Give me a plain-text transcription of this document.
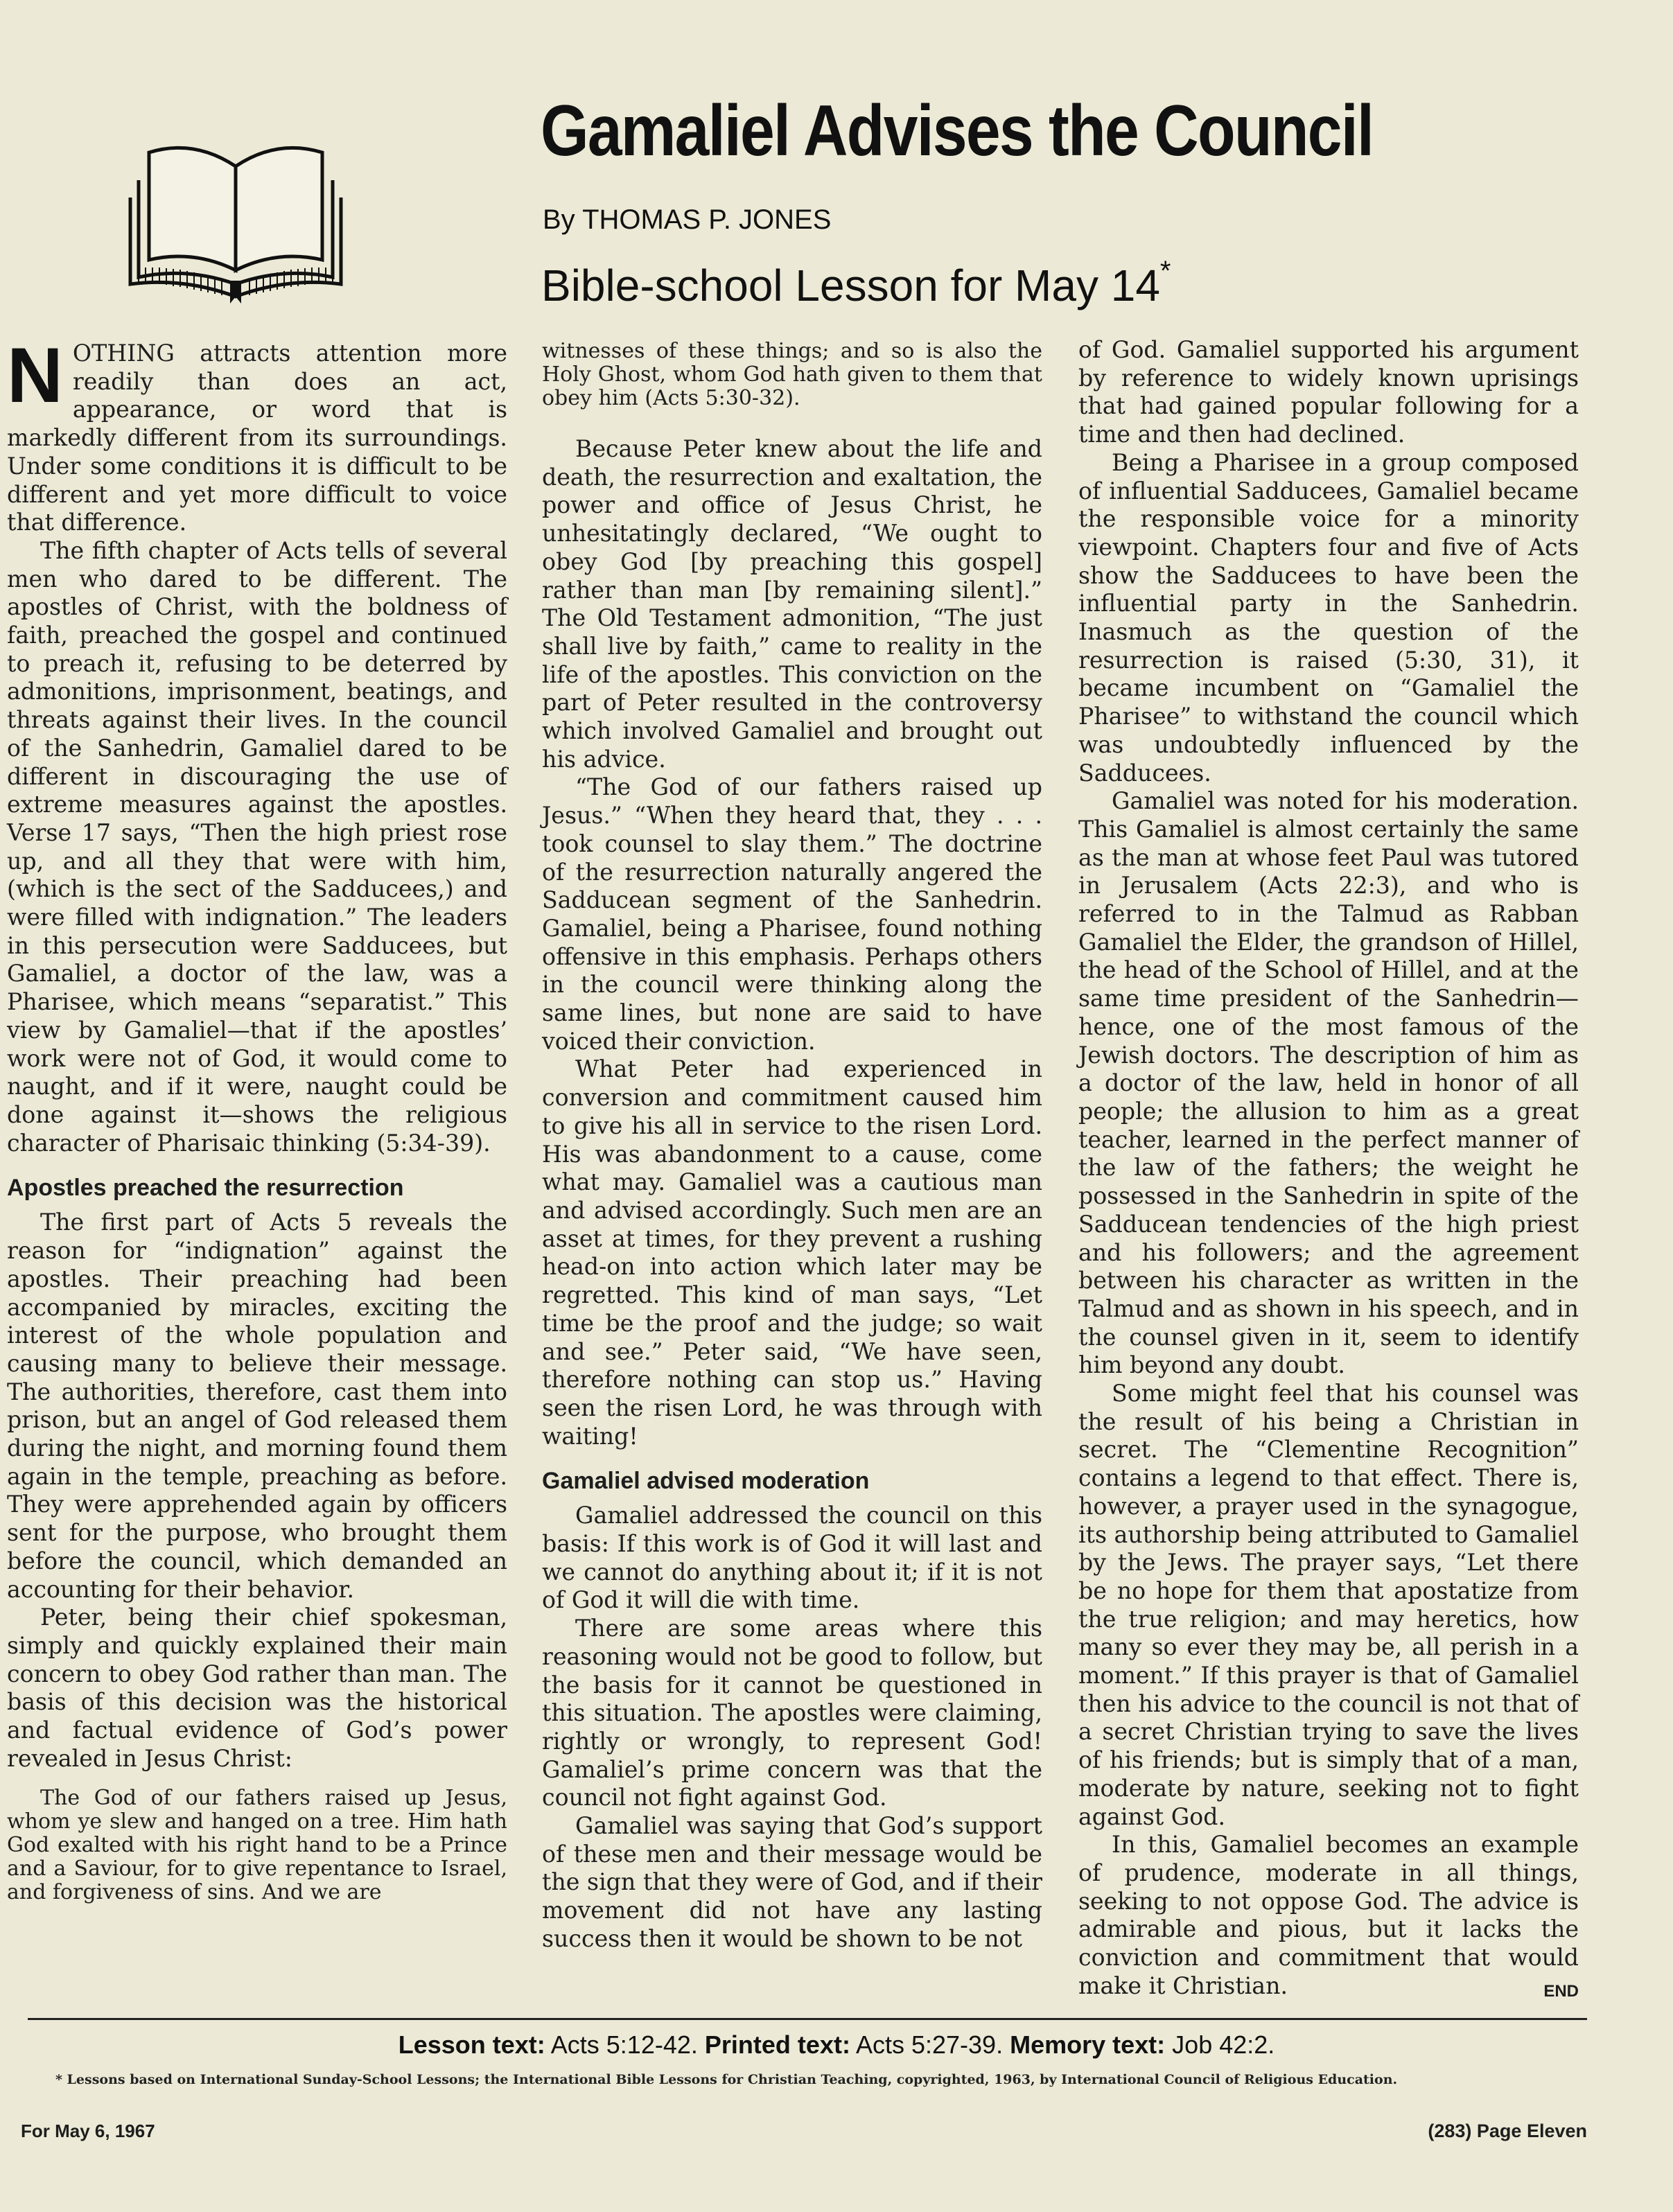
Gamaliel Advises the Council
By THOMAS P. JONES
Bible-school Lesson for May 14*

NOTHING attracts attention more readily than does an act, appearance, or word that is markedly different from its surroundings. Under some conditions it is difficult to be different and yet more difficult to voice that difference.

The fifth chapter of Acts tells of several men who dared to be different. The apostles of Christ, with the boldness of faith, preached the gospel and continued to preach it, refusing to be deterred by admonitions, imprisonment, beatings, and threats against their lives. In the council of the Sanhedrin, Gamaliel dared to be different in discouraging the use of extreme measures against the apostles. Verse 17 says, “Then the high priest rose up, and all they that were with him, (which is the sect of the Sadducees,) and were filled with indignation.” The leaders in this persecution were Sadducees, but Gamaliel, a doctor of the law, was a Pharisee, which means “separatist.” This view by Gamaliel—that if the apostles’ work were not of God, it would come to naught, and if it were, naught could be done against it—shows the religious character of Pharisaic thinking (5:34-39).

Apostles preached the resurrection

The first part of Acts 5 reveals the reason for “indignation” against the apostles. Their preaching had been accompanied by miracles, exciting the interest of the whole population and causing many to believe their message. The authorities, therefore, cast them into prison, but an angel of God released them during the night, and morning found them again in the temple, preaching as before. They were apprehended again by officers sent for the purpose, who brought them before the council, which demanded an accounting for their behavior.

Peter, being their chief spokesman, simply and quickly explained their main concern to obey God rather than man. The basis of this decision was the historical and factual evidence of God’s power revealed in Jesus Christ:

The God of our fathers raised up Jesus, whom ye slew and hanged on a tree. Him hath God exalted with his right hand to be a Prince and a Saviour, for to give repentance to Israel, and forgiveness of sins. And we are

witnesses of these things; and so is also the Holy Ghost, whom God hath given to them that obey him (Acts 5:30-32).

Because Peter knew about the life and death, the resurrection and exaltation, the power and office of Jesus Christ, he unhesitatingly declared, “We ought to obey God [by preaching this gospel] rather than man [by remaining silent].” The Old Testament admonition, “The just shall live by faith,” came to reality in the life of the apostles. This conviction on the part of Peter resulted in the controversy which involved Gamaliel and brought out his advice.

“The God of our fathers raised up Jesus.” “When they heard that, they . . . took counsel to slay them.” The doctrine of the resurrection naturally angered the Sadducean segment of the Sanhedrin. Gamaliel, being a Pharisee, found nothing offensive in this emphasis. Perhaps others in the council were thinking along the same lines, but none are said to have voiced their conviction.

What Peter had experienced in conversion and commitment caused him to give his all in service to the risen Lord. His was abandonment to a cause, come what may. Gamaliel was a cautious man and advised accordingly. Such men are an asset at times, for they prevent a rushing head-on into action which later may be regretted. This kind of man says, “Let time be the proof and the judge; so wait and see.” Peter said, “We have seen, therefore nothing can stop us.” Having seen the risen Lord, he was through with waiting!

Gamaliel advised moderation

Gamaliel addressed the council on this basis: If this work is of God it will last and we cannot do anything about it; if it is not of God it will die with time.

There are some areas where this reasoning would not be good to follow, but the basis for it cannot be questioned in this situation. The apostles were claiming, rightly or wrongly, to represent God! Gamaliel’s prime concern was that the council not fight against God.

Gamaliel was saying that God’s support of these men and their message would be the sign that they were of God, and if their movement did not have any lasting success then it would be shown to be not

of God. Gamaliel supported his argument by reference to widely known uprisings that had gained popular following for a time and then had declined.

Being a Pharisee in a group composed of influential Sadducees, Gamaliel became the responsible voice for a minority viewpoint. Chapters four and five of Acts show the Sadducees to have been the influential party in the Sanhedrin. Inasmuch as the question of the resurrection is raised (5:30, 31), it became incumbent on “Gamaliel the Pharisee” to withstand the council which was undoubtedly influenced by the Sadducees.

Gamaliel was noted for his moderation. This Gamaliel is almost certainly the same as the man at whose feet Paul was tutored in Jerusalem (Acts 22:3), and who is referred to in the Talmud as Rabban Gamaliel the Elder, the grandson of Hillel, the head of the School of Hillel, and at the same time president of the Sanhedrin—hence, one of the most famous of the Jewish doctors. The description of him as a doctor of the law, held in honor of all people; the allusion to him as a great teacher, learned in the perfect manner of the law of the fathers; the weight he possessed in the Sanhedrin in spite of the Sadducean tendencies of the high priest and his followers; and the agreement between his character as written in the Talmud and as shown in his speech, and in the counsel given in it, seem to identify him beyond any doubt.

Some might feel that his counsel was the result of his being a Christian in secret. The “Clementine Recognition” contains a legend to that effect. There is, however, a prayer used in the synagogue, its authorship being attributed to Gamaliel by the Jews. The prayer says, “Let there be no hope for them that apostatize from the true religion; and may heretics, how many so ever they may be, all perish in a moment.” If this prayer is that of Gamaliel then his advice to the council is not that of a secret Christian trying to save the lives of his friends; but is simply that of a man, moderate by nature, seeking not to fight against God.

In this, Gamaliel becomes an example of prudence, moderate in all things, seeking to not oppose God. The advice is admirable and pious, but it lacks the conviction and commitment that would make it Christian.	END

Lesson text: Acts 5:12-42. Printed text: Acts 5:27-39. Memory text: Job 42:2.
* Lessons based on International Sunday-School Lessons; the International Bible Lessons for Christian Teaching, copyrighted, 1963, by International Council of Religious Education.
For May 6, 1967	(283) Page Eleven
